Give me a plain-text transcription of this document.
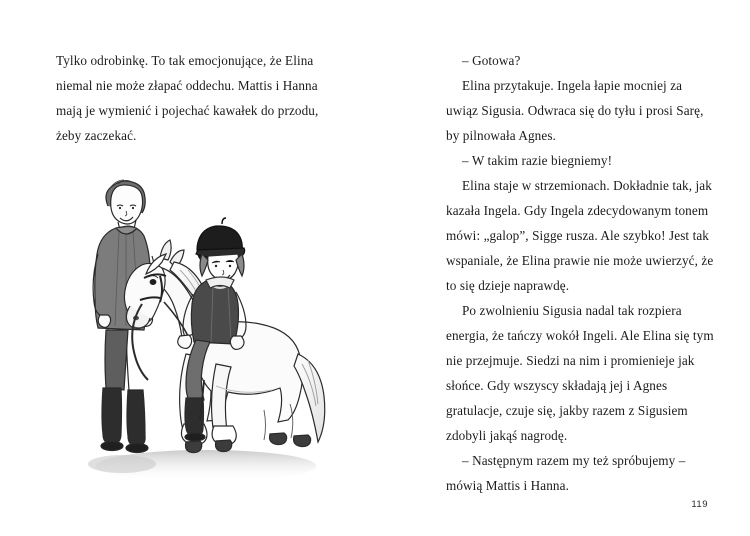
Tylko odrobinkę. To tak emocjonujące, że Elina niemal nie może złapać oddechu. Mattis i Hanna mają je wymienić i pojechać kawałek do przodu, żeby zaczekać.

– Gotowa?

Elina przytakuje. Ingela łapie mocniej za uwiąz Sigusia. Odwraca się do tyłu i prosi Sarę, by pilnowała Agnes.

– W takim razie biegniemy!

Elina staje w strzemionach. Dokładnie tak, jak kazała Ingela. Gdy Ingela zdecydowanym tonem mówi: „galop”, Sigge rusza. Ale szybko! Jest tak wspaniale, że Elina prawie nie może uwierzyć, że to się dzieje naprawdę.

Po zwolnieniu Sigusia nadal tak rozpiera energia, że tańczy wokół Ingeli. Ale Elina się tym nie przejmuje. Siedzi na nim i promienieje jak słońce. Gdy wszyscy składają jej i Agnes gratulacje, czuje się, jakby razem z Sigusiem zdobyli jakąś nagrodę.

– Następnym razem my też spróbujemy – mówią Mattis i Hanna.

119
